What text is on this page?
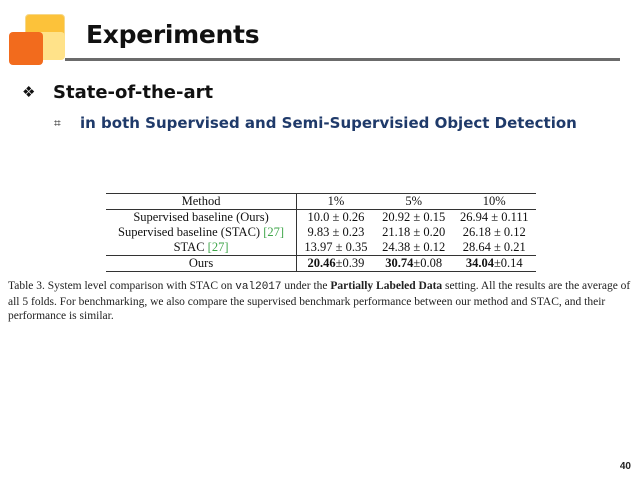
Experiments
❖ State-of-the-art
⌗	in both Supervised and Semi-Supervisied Object Detection
Method	1%	5%	10%
Supervised baseline (Ours)	10.0 ± 0.26	20.92 ± 0.15	26.94 ± 0.111
Supervised baseline (STAC) [27]	9.83 ± 0.23	21.18 ± 0.20	26.18 ± 0.12
STAC [27]	13.97 ± 0.35	24.38 ± 0.12	28.64 ± 0.21
Ours	20.46±0.39	30.74±0.08	34.04±0.14
Table 3. System level comparison with STAC on val2017 under the Partially Labeled Data setting. All the results are the average of all 5 folds. For benchmarking, we also compare the supervised benchmark performance between our method and STAC, and their performance is similar.
40
